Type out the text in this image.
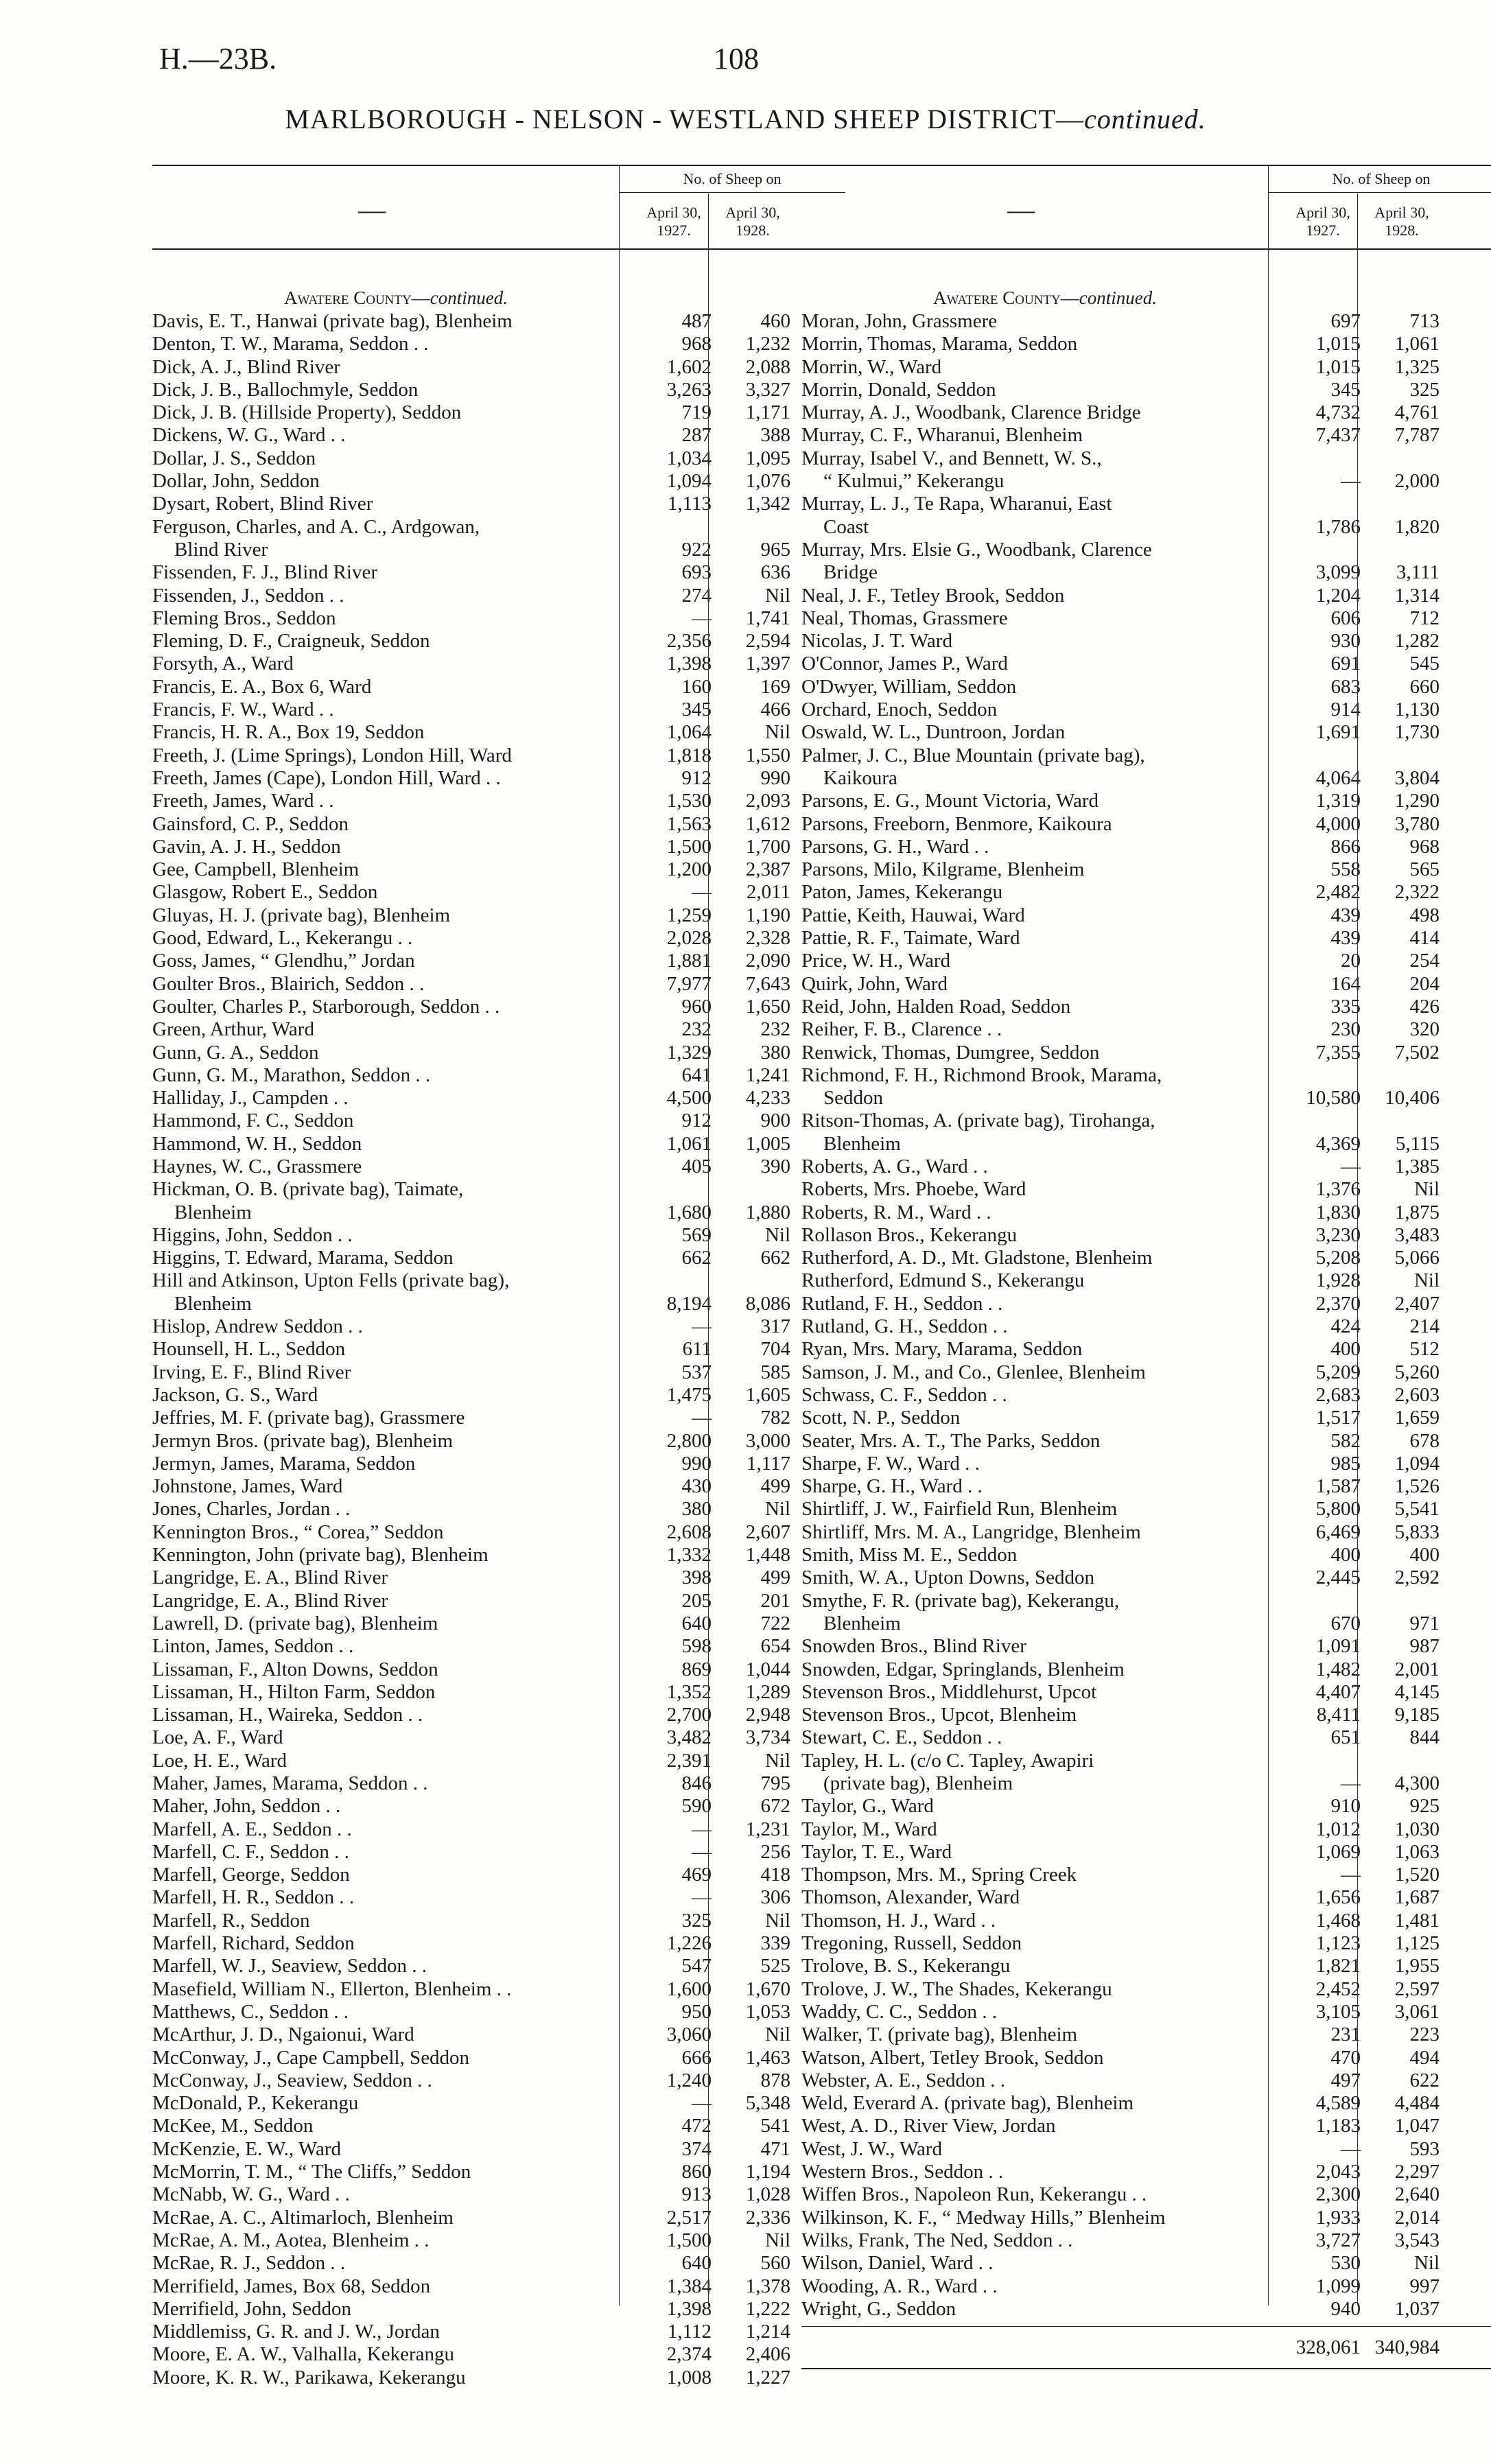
H.—23B.	108
MARLBOROUGH - NELSON - WESTLAND SHEEP DISTRICT—continued.
—
No. of Sheep on
April 30, 1927.
April 30, 1928.
Awatere County—continued.
Davis, E. T., Hanwai (private bag), Blenheim	487	460
Denton, T. W., Marama, Seddon . .	968	1,232
Dick, A. J., Blind River	1,602	2,088
Dick, J. B., Ballochmyle, Seddon	3,263	3,327
Dick, J. B. (Hillside Property), Seddon	719	1,171
Dickens, W. G., Ward . .	287	388
Dollar, J. S., Seddon	1,034	1,095
Dollar, John, Seddon	1,094	1,076
Dysart, Robert, Blind River	1,113	1,342
Ferguson, Charles, and A. C., Ardgowan,
Blind River	922	965
Fissenden, F. J., Blind River	693	636
Fissenden, J., Seddon . .	274	Nil
Fleming Bros., Seddon	—	1,741
Fleming, D. F., Craigneuk, Seddon	2,356	2,594
Forsyth, A., Ward	1,398	1,397
Francis, E. A., Box 6, Ward	160	169
Francis, F. W., Ward . .	345	466
Francis, H. R. A., Box 19, Seddon	1,064	Nil
Freeth, J. (Lime Springs), London Hill, Ward	1,818	1,550
Freeth, James (Cape), London Hill, Ward . .	912	990
Freeth, James, Ward . .	1,530	2,093
Gainsford, C. P., Seddon	1,563	1,612
Gavin, A. J. H., Seddon	1,500	1,700
Gee, Campbell, Blenheim	1,200	2,387
Glasgow, Robert E., Seddon	—	2,011
Gluyas, H. J. (private bag), Blenheim	1,259	1,190
Good, Edward, L., Kekerangu . .	2,028	2,328
Goss, James, “ Glendhu,” Jordan	1,881	2,090
Goulter Bros., Blairich, Seddon . .	7,977	7,643
Goulter, Charles P., Starborough, Seddon . .	960	1,650
Green, Arthur, Ward	232	232
Gunn, G. A., Seddon	1,329	380
Gunn, G. M., Marathon, Seddon . .	641	1,241
Halliday, J., Campden . .	4,500	4,233
Hammond, F. C., Seddon	912	900
Hammond, W. H., Seddon	1,061	1,005
Haynes, W. C., Grassmere	405	390
Hickman, O. B. (private bag), Taimate,
Blenheim	1,680	1,880
Higgins, John, Seddon . .	569	Nil
Higgins, T. Edward, Marama, Seddon	662	662
Hill and Atkinson, Upton Fells (private bag),
Blenheim	8,194	8,086
Hislop, Andrew Seddon . .	—	317
Hounsell, H. L., Seddon	611	704
Irving, E. F., Blind River	537	585
Jackson, G. S., Ward	1,475	1,605
Jeffries, M. F. (private bag), Grassmere	—	782
Jermyn Bros. (private bag), Blenheim	2,800	3,000
Jermyn, James, Marama, Seddon	990	1,117
Johnstone, James, Ward	430	499
Jones, Charles, Jordan . .	380	Nil
Kennington Bros., “ Corea,” Seddon	2,608	2,607
Kennington, John (private bag), Blenheim	1,332	1,448
Langridge, E. A., Blind River	398	499
Langridge, E. A., Blind River	205	201
Lawrell, D. (private bag), Blenheim	640	722
Linton, James, Seddon . .	598	654
Lissaman, F., Alton Downs, Seddon	869	1,044
Lissaman, H., Hilton Farm, Seddon	1,352	1,289
Lissaman, H., Waireka, Seddon . .	2,700	2,948
Loe, A. F., Ward	3,482	3,734
Loe, H. E., Ward	2,391	Nil
Maher, James, Marama, Seddon . .	846	795
Maher, John, Seddon . .	590	672
Marfell, A. E., Seddon . .	—	1,231
Marfell, C. F., Seddon . .	—	256
Marfell, George, Seddon	469	418
Marfell, H. R., Seddon . .	—	306
Marfell, R., Seddon	325	Nil
Marfell, Richard, Seddon	1,226	339
Marfell, W. J., Seaview, Seddon . .	547	525
Masefield, William N., Ellerton, Blenheim . .	1,600	1,670
Matthews, C., Seddon . .	950	1,053
McArthur, J. D., Ngaionui, Ward	3,060	Nil
McConway, J., Cape Campbell, Seddon	666	1,463
McConway, J., Seaview, Seddon . .	1,240	878
McDonald, P., Kekerangu	—	5,348
McKee, M., Seddon	472	541
McKenzie, E. W., Ward	374	471
McMorrin, T. M., “ The Cliffs,” Seddon	860	1,194
McNabb, W. G., Ward . .	913	1,028
McRae, A. C., Altimarloch, Blenheim	2,517	2,336
McRae, A. M., Aotea, Blenheim . .	1,500	Nil
McRae, R. J., Seddon . .	640	560
Merrifield, James, Box 68, Seddon	1,384	1,378
Merrifield, John, Seddon	1,398	1,222
Middlemiss, G. R. and J. W., Jordan	1,112	1,214
Moore, E. A. W., Valhalla, Kekerangu	2,374	2,406
Moore, K. R. W., Parikawa, Kekerangu	1,008	1,227
—
No. of Sheep on
April 30, 1927.
April 30, 1928.
Awatere County—continued.
Moran, John, Grassmere	697	713
Morrin, Thomas, Marama, Seddon	1,015	1,061
Morrin, W., Ward	1,015	1,325
Morrin, Donald, Seddon	345	325
Murray, A. J., Woodbank, Clarence Bridge	4,732	4,761
Murray, C. F., Wharanui, Blenheim	7,437	7,787
Murray, Isabel V., and Bennett, W. S.,
“ Kulmui,” Kekerangu	—	2,000
Murray, L. J., Te Rapa, Wharanui, East
Coast	1,786	1,820
Murray, Mrs. Elsie G., Woodbank, Clarence
Bridge	3,099	3,111
Neal, J. F., Tetley Brook, Seddon	1,204	1,314
Neal, Thomas, Grassmere	606	712
Nicolas, J. T. Ward	930	1,282
O'Connor, James P., Ward	691	545
O'Dwyer, William, Seddon	683	660
Orchard, Enoch, Seddon	914	1,130
Oswald, W. L., Duntroon, Jordan	1,691	1,730
Palmer, J. C., Blue Mountain (private bag),
Kaikoura	4,064	3,804
Parsons, E. G., Mount Victoria, Ward	1,319	1,290
Parsons, Freeborn, Benmore, Kaikoura	4,000	3,780
Parsons, G. H., Ward . .	866	968
Parsons, Milo, Kilgrame, Blenheim	558	565
Paton, James, Kekerangu	2,482	2,322
Pattie, Keith, Hauwai, Ward	439	498
Pattie, R. F., Taimate, Ward	439	414
Price, W. H., Ward	20	254
Quirk, John, Ward	164	204
Reid, John, Halden Road, Seddon	335	426
Reiher, F. B., Clarence . .	230	320
Renwick, Thomas, Dumgree, Seddon	7,355	7,502
Richmond, F. H., Richmond Brook, Marama,
Seddon	10,580	10,406
Ritson-Thomas, A. (private bag), Tirohanga,
Blenheim	4,369	5,115
Roberts, A. G., Ward . .	—	1,385
Roberts, Mrs. Phoebe, Ward	1,376	Nil
Roberts, R. M., Ward . .	1,830	1,875
Rollason Bros., Kekerangu	3,230	3,483
Rutherford, A. D., Mt. Gladstone, Blenheim	5,208	5,066
Rutherford, Edmund S., Kekerangu	1,928	Nil
Rutland, F. H., Seddon . .	2,370	2,407
Rutland, G. H., Seddon . .	424	214
Ryan, Mrs. Mary, Marama, Seddon	400	512
Samson, J. M., and Co., Glenlee, Blenheim	5,209	5,260
Schwass, C. F., Seddon . .	2,683	2,603
Scott, N. P., Seddon	1,517	1,659
Seater, Mrs. A. T., The Parks, Seddon	582	678
Sharpe, F. W., Ward . .	985	1,094
Sharpe, G. H., Ward . .	1,587	1,526
Shirtliff, J. W., Fairfield Run, Blenheim	5,800	5,541
Shirtliff, Mrs. M. A., Langridge, Blenheim	6,469	5,833
Smith, Miss M. E., Seddon	400	400
Smith, W. A., Upton Downs, Seddon	2,445	2,592
Smythe, F. R. (private bag), Kekerangu,
Blenheim	670	971
Snowden Bros., Blind River	1,091	987
Snowden, Edgar, Springlands, Blenheim	1,482	2,001
Stevenson Bros., Middlehurst, Upcot	4,407	4,145
Stevenson Bros., Upcot, Blenheim	8,411	9,185
Stewart, C. E., Seddon . .	651	844
Tapley, H. L. (c/o C. Tapley, Awapiri
(private bag), Blenheim	—	4,300
Taylor, G., Ward	910	925
Taylor, M., Ward	1,012	1,030
Taylor, T. E., Ward	1,069	1,063
Thompson, Mrs. M., Spring Creek	—	1,520
Thomson, Alexander, Ward	1,656	1,687
Thomson, H. J., Ward . .	1,468	1,481
Tregoning, Russell, Seddon	1,123	1,125
Trolove, B. S., Kekerangu	1,821	1,955
Trolove, J. W., The Shades, Kekerangu	2,452	2,597
Waddy, C. C., Seddon . .	3,105	3,061
Walker, T. (private bag), Blenheim	231	223
Watson, Albert, Tetley Brook, Seddon	470	494
Webster, A. E., Seddon . .	497	622
Weld, Everard A. (private bag), Blenheim	4,589	4,484
West, A. D., River View, Jordan	1,183	1,047
West, J. W., Ward	—	593
Western Bros., Seddon . .	2,043	2,297
Wiffen Bros., Napoleon Run, Kekerangu . .	2,300	2,640
Wilkinson, K. F., “ Medway Hills,” Blenheim	1,933	2,014
Wilks, Frank, The Ned, Seddon . .	3,727	3,543
Wilson, Daniel, Ward . .	530	Nil
Wooding, A. R., Ward . .	1,099	997
Wright, G., Seddon	940	1,037
328,061 340,984
